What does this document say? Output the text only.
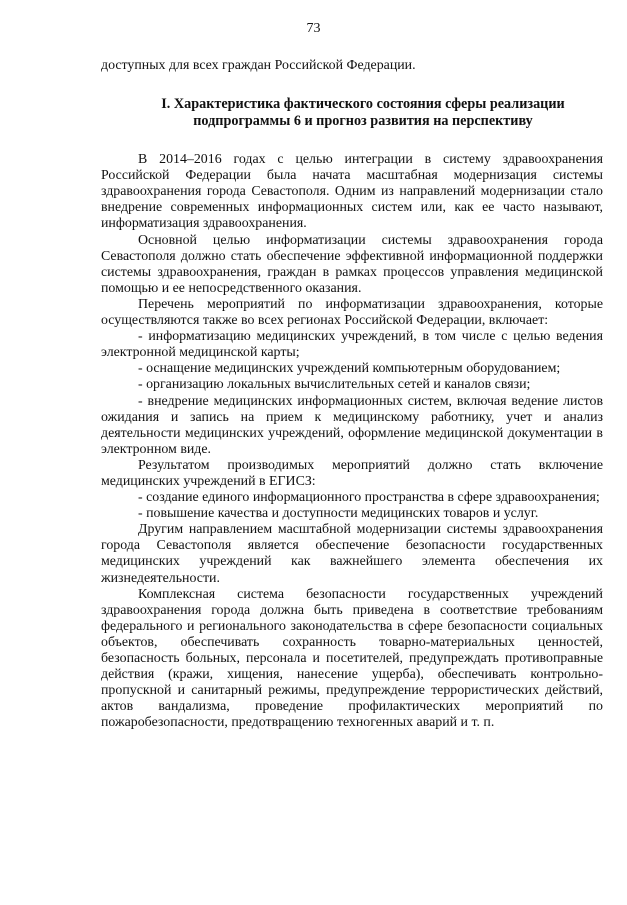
73

доступных для всех граждан Российской Федерации.

I. Характеристика фактического состояния сферы реализации
подпрограммы 6 и прогноз развития на перспективу

В 2014–2016 годах с целью интеграции в систему здравоохранения Российской Федерации была начата масштабная модернизация системы здравоохранения города Севастополя. Одним из направлений модернизации стало внедрение современных информационных систем или, как ее часто называют, информатизация здравоохранения.

Основной целью информатизации системы здравоохранения города Севастополя должно стать обеспечение эффективной информационной поддержки системы здравоохранения, граждан в рамках процессов управления медицинской помощью и ее непосредственного оказания.

Перечень мероприятий по информатизации здравоохранения, которые осуществляются также во всех регионах Российской Федерации, включает:

- информатизацию медицинских учреждений, в том числе с целью ведения электронной медицинской карты;

- оснащение медицинских учреждений компьютерным оборудованием;

- организацию локальных вычислительных сетей и каналов связи;

- внедрение медицинских информационных систем, включая ведение листов ожидания и запись на прием к медицинскому работнику, учет и анализ деятельности медицинских учреждений, оформление медицинской документации в электронном виде.

Результатом производимых мероприятий должно стать включение медицинских учреждений в ЕГИСЗ:

- создание единого информационного пространства в сфере здравоохранения;

- повышение качества и доступности медицинских товаров и услуг.

Другим направлением масштабной модернизации системы здравоохранения города Севастополя является обеспечение безопасности государственных медицинских учреждений как важнейшего элемента обеспечения их жизнедеятельности.

Комплексная система безопасности государственных учреждений здравоохранения города должна быть приведена в соответствие требованиям федерального и регионального законодательства в сфере безопасности социальных объектов, обеспечивать сохранность товарно-материальных ценностей, безопасность больных, персонала и посетителей, предупреждать противоправные действия (кражи, хищения, нанесение ущерба), обеспечивать контрольно-пропускной и санитарный режимы, предупреждение террористических действий, актов вандализма, проведение профилактических мероприятий по пожаробезопасности, предотвращению техногенных аварий и т. п.
